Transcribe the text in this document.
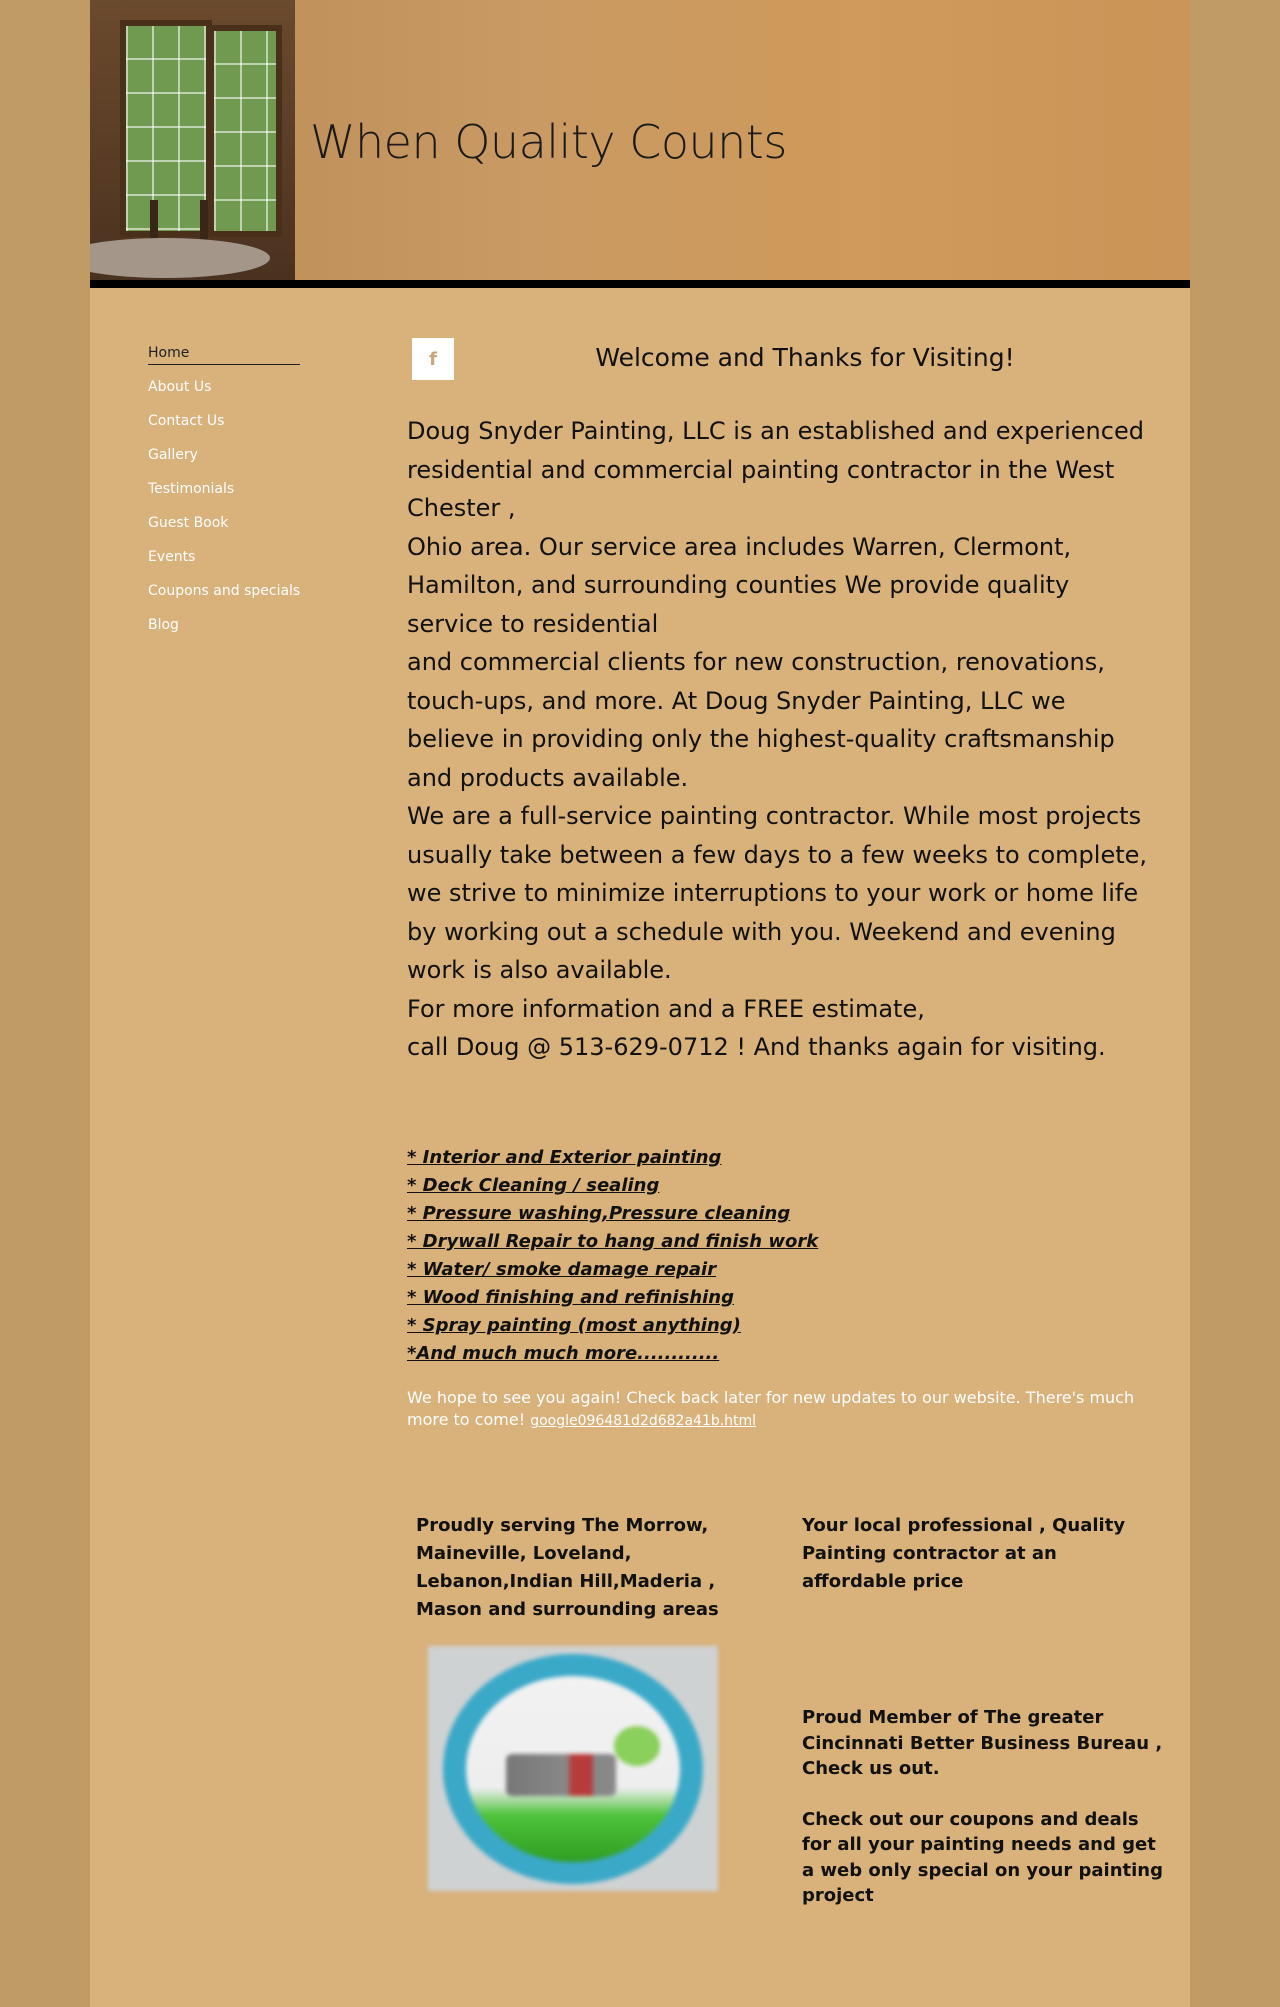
When Quality Counts
Home
About Us
Contact Us
Gallery
Testimonials
Guest Book
Events
Coupons and specials
Blog
f	Welcome and Thanks for Visiting!

Doug Snyder Painting, LLC is an established and experienced residential and commercial painting contractor in the West Chester ,

Ohio area. Our service area includes Warren, Clermont, Hamilton, and surrounding counties We provide quality service to residential

and commercial clients for new construction, renovations, touch-ups, and more. At Doug Snyder Painting, LLC we believe in providing only the highest-quality craftsmanship and products available.

We are a full-service painting contractor. While most projects usually take between a few days to a few weeks to complete, we strive to minimize interruptions to your work or home life by working out a schedule with you. Weekend and evening work is also available.

For more information and a FREE estimate,

call Doug @ 513-629-0712 ! And thanks again for visiting.

* Interior and Exterior painting
* Deck Cleaning / sealing
* Pressure washing,Pressure cleaning
* Drywall Repair to hang and finish work
* Water/ smoke damage repair
* Wood finishing and refinishing
* Spray painting (most anything)
*And much much more............
We hope to see you again! Check back later for new updates to our website. There's much more to come! google096481d2d682a41b.html
Proudly serving The Morrow, Maineville, Loveland, Lebanon,Indian Hill,Maderia , Mason and surrounding areas
Your local professional , Quality Painting contractor at an affordable price

Proud Member of The greater Cincinnati Better Business Bureau , Check us out.

Check out our coupons and deals for all your painting needs and get a web only special on your painting project
